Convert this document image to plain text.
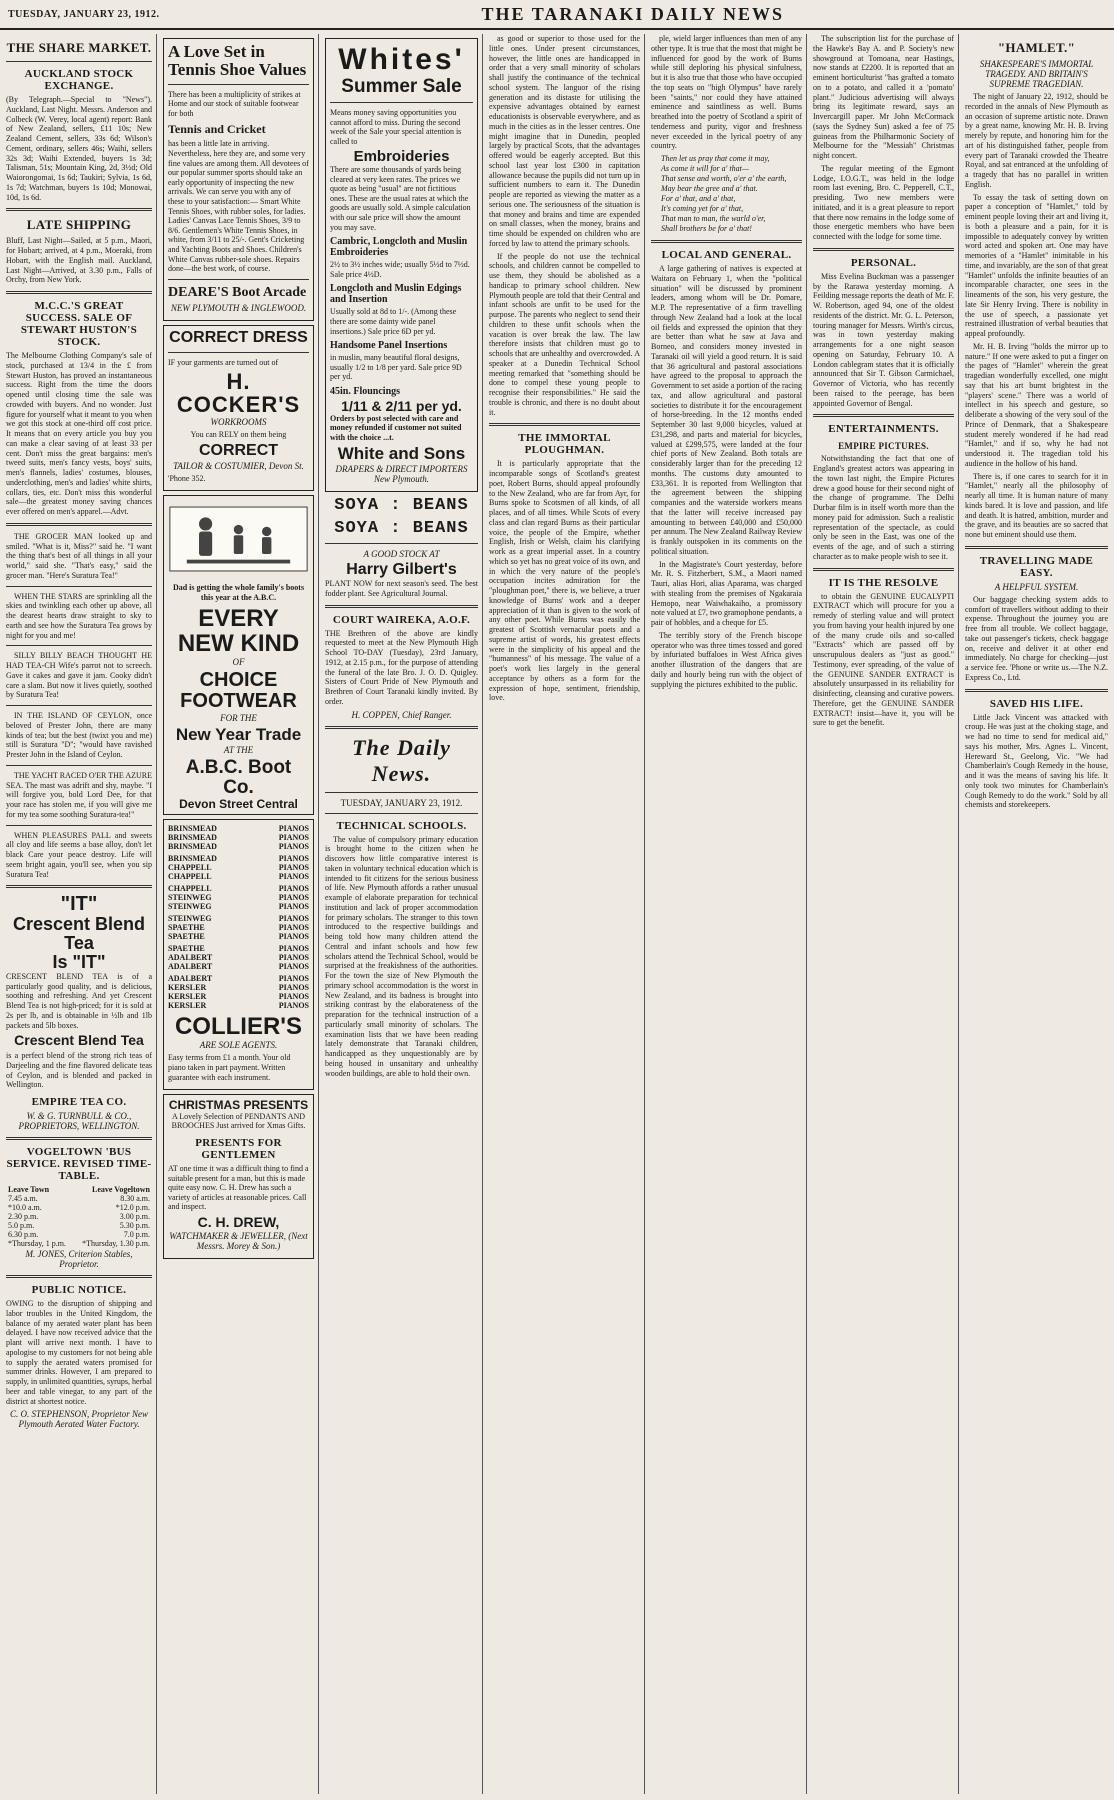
TUESDAY, JANUARY 23, 1912.	THE TARANAKI DAILY NEWS
THE SHARE MARKET.
AUCKLAND STOCK EXCHANGE.
(By Telegraph.—Special to "News"). Auckland, Last Night. Messrs. Anderson and Colbeck (W. Verey, local agent) report: Bank of New Zealand, sellers, £11 10s; New Zealand Cement, sellers, 33s 6d; Wilson's Cement, ordinary, sellers 46s; Waihi, sellers 32s 3d; Waihi Extended, buyers 1s 3d; Talisman, 51s; Mountain King, 2d, 3½d; Old Waiorongomai, 1s 6d; Taukiri; Sylvia, 1s 6d, 1s 7d; Watchman, buyers 1s 10d; Monowai, 10d, 1s 6d.
LATE SHIPPING
Bluff, Last Night—Sailed, at 5 p.m., Maori, for Hobart; arrived, at 4 p.m., Moeraki, from Hobart, with the English mail. Auckland, Last Night—Arrived, at 3.30 p.m., Falls of Orchy, from New York.
M.C.C.'S GREAT SUCCESS. SALE OF STEWART HUSTON'S STOCK.
The Melbourne Clothing Company's sale of stock, purchased at 13/4 in the £ from Stewart Huston, has proved an instantaneous success. Right from the time the doors opened until closing time the sale was crowded with buyers. And no wonder. Just figure for yourself what it meant to you when we got this stock at one-third off cost price. It means that on every article you buy you can make a clear saving of at least 33 per cent. Don't miss the great bargains: men's tweed suits, men's fancy vests, boys' suits, men's flannels, ladies' costumes, blouses, underclothing, men's and ladies' white shirts, collars, ties, etc. Don't miss this wonderful sale—the greatest money saving chances ever offered on men's apparel.—Advt.
THE GROCER MAN looked up and smiled. "What is it, Miss?" said he. "I want the thing that's best of all things in all your world," said she. "That's easy," said the grocer man. "Here's Suratura Tea!"
WHEN THE STARS are sprinkling all the skies and twinkling each other up above, all the dearest hearts draw straight to sky to earth and see how the Suratura Tea grows by night for you and me!
SILLY BILLY BEACH THOUGHT HE HAD TEA-CH Wife's parrot not to screech. Gave it cakes and gave it jam. Cooky didn't care a slam. But now it lives quietly, soothed by Suratura Tea!
IN THE ISLAND OF CEYLON, once beloved of Prester John, there are many kinds of tea; but the best (twixt you and me) still is Suratura "D"; "would have ravished Prester John in the Island of Ceylon.
THE YACHT RACED O'ER THE AZURE SEA. The mast was adrift and shy, maybe. "I will forgive you, bold Lord Dee, for that your race has stolen me, if you will give me for my tea some soothing Suratura-tea!"
WHEN PLEASURES PALL and sweets all cloy and life seems a base alloy, don't let black Care your peace destroy. Life will seem bright again, you'll see, when you sip Suratura Tea!
"IT"
Crescent Blend Tea
Is "IT"
CRESCENT BLEND TEA is of a particularly good quality, and is delicious, soothing and refreshing. And yet Crescent Blend Tea is not high-priced; for it is sold at 2s per lb, and is obtainable in ½lb and 1lb packets and 5lb boxes.
Crescent Blend Tea
is a perfect blend of the strong rich teas of Darjeeling and the fine flavored delicate teas of Ceylon, and is blended and packed in Wellington.
EMPIRE TEA CO.
W. & G. TURNBULL & CO., PROPRIETORS, WELLINGTON.
VOGELTOWN 'BUS SERVICE. REVISED TIME-TABLE.
Leave Town	Leave Vogeltown
7.45 a.m.	8.30 a.m.
*10.0 a.m.	*12.0 p.m.
2.30 p.m.	3.00 p.m.
5.0 p.m.	5.30 p.m.
6.30 p.m.	7.0 p.m.
*Thursday, 1 p.m.	*Thursday, 1.30 p.m.
M. JONES, Criterion Stables, Proprietor.
PUBLIC NOTICE.
OWING to the disruption of shipping and labor troubles in the United Kingdom, the balance of my aerated water plant has been delayed. I have now received advice that the plant will arrive next month. I have to apologise to my customers for not being able to supply the aerated waters promised for summer drinks. However, I am prepared to supply, in unlimited quantities, syrups, herbal beer and table vinegar, to any part of the district at shortest notice.
C. O. STEPHENSON, Proprietor New Plymouth Aerated Water Factory.
A Love Set in Tennis Shoe Values
There has been a multiplicity of strikes at Home and our stock of suitable footwear for both
Tennis and Cricket
has been a little late in arriving. Nevertheless, here they are, and some very fine values are among them. All devotees of our popular summer sports should take an early opportunity of inspecting the new arrivals. We can serve you with any of these to your satisfaction:— Smart White Tennis Shoes, with rubber soles, for ladies. Ladies' Canvas Lace Tennis Shoes, 3/9 to 8/6. Gentlemen's White Tennis Shoes, in white, from 3/11 to 25/-. Gent's Cricketing and Yachting Boots and Shoes. Children's White Canvas rubber-sole shoes. Repairs done—the best work, of course.
DEARE'S Boot Arcade
NEW PLYMOUTH & INGLEWOOD.
CORRECT DRESS
IF your garments are turned out of
H. COCKER'S
WORKROOMS
You can RELY on them being
CORRECT
TAILOR & COSTUMIER, Devon St.
'Phone 352.
Dad is getting the whole family's boots this year at the A.B.C.
EVERY NEW KIND
OF
CHOICE FOOTWEAR
FOR THE
New Year Trade
AT THE
A.B.C. Boot Co.
Devon Street Central
BRINSMEAD	PIANOS
BRINSMEAD	PIANOS
BRINSMEAD	PIANOS
BRINSMEAD	PIANOS
CHAPPELL	PIANOS
CHAPPELL	PIANOS
CHAPPELL	PIANOS
STEINWEG	PIANOS
STEINWEG	PIANOS
STEINWEG	PIANOS
SPAETHE	PIANOS
SPAETHE	PIANOS
SPAETHE	PIANOS
ADALBERT	PIANOS
ADALBERT	PIANOS
ADALBERT	PIANOS
KERSLER	PIANOS
KERSLER	PIANOS
KERSLER	PIANOS
COLLIER'S
ARE SOLE AGENTS.
Easy terms from £1 a month. Your old piano taken in part payment. Written guarantee with each instrument.
CHRISTMAS PRESENTS
A Lovely Selection of PENDANTS AND BROOCHES Just arrived for Xmas Gifts.
PRESENTS FOR GENTLEMEN
AT one time it was a difficult thing to find a suitable present for a man, but this is made quite easy now. C. H. Drew has such a variety of articles at reasonable prices. Call and inspect.
C. H. DREW,
WATCHMAKER & JEWELLER, (Next Messrs. Morey & Son.)
Whites'
Summer Sale
Means money saving opportunities you cannot afford to miss. During the second week of the Sale your special attention is called to
Embroideries
There are some thousands of yards being cleared at very keen rates. The prices we quote as being "usual" are not fictitious ones. These are the usual rates at which the goods are usually sold. A simple calculation with our sale price will show the amount you may save.
Cambric, Longcloth and Muslin Embroideries
2½ to 3½ inches wide; usually 5½d to 7½d. Sale price 4½D.
Longcloth and Muslin Edgings and Insertion
Usually sold at 8d to 1/-. (Among these there are some dainty wide panel insertions.) Sale price 6D per yd.
Handsome Panel Insertions
in muslin, many beautiful floral designs, usually 1/2 to 1/8 per yard. Sale price 9D per yd.
45in. Flouncings
1/11 & 2/11 per yd.
Orders by post selected with care and money refunded if customer not suited with the choice ...t.
White and Sons
DRAPERS & DIRECT IMPORTERS New Plymouth.
SOYA : BEANS
SOYA : BEANS
A GOOD STOCK AT
Harry Gilbert's
PLANT NOW for next season's seed. The best fodder plant. See Agricultural Journal.
COURT WAIREKA, A.O.F.
THE Brethren of the above are kindly requested to meet at the New Plymouth High School TO-DAY (Tuesday), 23rd January, 1912, at 2.15 p.m., for the purpose of attending the funeral of the late Bro. J. O. D. Quigley. Sisters of Court Pride of New Plymouth and Brethren of Court Taranaki kindly invited. By order.
H. COPPEN, Chief Ranger.
The Daily News.
TUESDAY, JANUARY 23, 1912.
TECHNICAL SCHOOLS.
The value of compulsory primary education is brought home to the citizen when he discovers how little comparative interest is taken in voluntary technical education which is intended to fit citizens for the serious business of life. New Plymouth affords a rather unusual example of elaborate preparation for technical institution and lack of proper accommodation for primary scholars. The stranger to this town introduced to the respective buildings and being told how many children attend the Central and infant schools and how few scholars attend the Technical School, would be surprised at the freakishness of the authorities. For the town the size of New Plymouth the primary school accommodation is the worst in New Zealand, and its badness is brought into striking contrast by the elaborateness of the preparation for the technical instruction of a particularly small minority of scholars. The examination lists that we have been reading lately demonstrate that Taranaki children, handicapped as they unquestionably are by being housed in unsanitary and unhealthy wooden buildings, are able to hold their own.
as good or superior to those used for the little ones. Under present circumstances, however, the little ones are handicapped in order that a very small minority of scholars shall justify the continuance of the technical school system. The languor of the rising generation and its distaste for utilising the expensive advantages obtained by earnest educationists is observable everywhere, and as much in the cities as in the lesser centres. One might imagine that in Dunedin, peopled largely by practical Scots, that the advantages offered would be eagerly accepted. But this school last year lost £300 in capitation allowance because the pupils did not turn up in sufficient numbers to earn it. The Dunedin people are reported as viewing the matter as a serious one. The seriousness of the situation is that money and brains and time are expended on small classes, when the money, brains and time should be expended on children who are forced by law to attend the primary schools.
If the people do not use the technical schools, and children cannot be compelled to use them, they should be abolished as a handicap to primary school children. New Plymouth people are told that their Central and infant schools are unfit to be used for the purpose. The parents who neglect to send their children to these unfit schools when the vacation is over break the law. The law therefore insists that children must go to schools that are unhealthy and overcrowded. A speaker at a Dunedin Technical School meeting remarked that "something should be done to compel these young people to recognise their responsibilities." He said the trouble is chronic, and there is no doubt about it.
THE IMMORTAL PLOUGHMAN.
It is particularly appropriate that the incomparable songs of Scotland's greatest poet, Robert Burns, should appeal profoundly to the New Zealand, who are far from Ayr, for Burns spoke to Scotsmen of all kinds, of all places, and of all times. While Scots of every class and clan regard Burns as their particular voice, the people of the Empire, whether English, Irish or Welsh, claim his clarifying work as a great imperial asset. In a country which so yet has no great voice of its own, and in which the very nature of the people's occupation incites admiration for the "ploughman poet," there is, we believe, a truer knowledge of Burns' work and a deeper appreciation of it than is given to the work of any other poet. While Burns was easily the greatest of Scottish vernacular poets and a supreme artist of words, his greatest effects were in the simplicity of his appeal and the "humanness" of his message. The value of a poet's work lies largely in the general acceptance by others as a form for the expression of hope, sentiment, friendship, love.
ple, wield larger influences than men of any other type. It is true that the most that might be influenced for good by the work of Burns while still deploring his physical sinfulness, but it is also true that those who have occupied the top seats on "high Olympus" have rarely been "saints," nor could they have attained eminence and saintliness as well. Burns breathed into the poetry of Scotland a spirit of tenderness and purity, vigor and freshness never exceeded in the lyrical poetry of any country.
Then let us pray that come it may,
As come it will for a' that—
That sense and worth, o'er a' the earth,
May bear the gree and a' that.
For a' that, and a' that,
It's coming yet for a' that,
That man to man, the warld o'er,
Shall brothers be for a' that!
LOCAL AND GENERAL.
A large gathering of natives is expected at Waitara on February 1, when the "political situation" will be discussed by prominent leaders, among whom will be Dr. Pomare, M.P. The representative of a firm travelling through New Zealand had a look at the local oil fields and expressed the opinion that they are better than what he saw at Java and Borneo, and considers money invested in Taranaki oil will yield a good return. It is said that 36 agricultural and pastoral associations have agreed to the proposal to approach the Government to set aside a portion of the racing tax, and allow agricultural and pastoral societies to distribute it for the encouragement of horse-breeding. In the 12 months ended September 30 last 9,000 bicycles, valued at £31,298, and parts and material for bicycles, valued at £299,575, were landed at the four chief ports of New Zealand. Both totals are considerably larger than for the preceding 12 months. The customs duty amounted to £33,361. It is reported from Wellington that the agreement between the shipping companies and the waterside workers means that the latter will receive increased pay amounting to between £40,000 and £50,000 per annum. The New Zealand Railway Review is frankly outspoken in its comments on the political situation.
In the Magistrate's Court yesterday, before Mr. R. S. Fitzherbert, S.M., a Maori named Tauri, alias Hori, alias Aparama, was charged with stealing from the premises of Ngakaraia Hemopo, near Waiwhakaiho, a promissory note valued at £7, two gramophone pendants, a pair of hobbles, and a cheque for £5.
The terribly story of the French biscope operator who was three times tossed and gored by infuriated buffaloes in West Africa gives another illustration of the dangers that are daily and hourly being run with the object of supplying the pictures exhibited to the public.
The subscription list for the purchase of the Hawke's Bay A. and P. Society's new showground at Tomoana, near Hastings, now stands at £2200. It is reported that an eminent horticulturist "has grafted a tomato on to a potato, and called it a 'pomato' plant." Judicious advertising will always bring its legitimate reward, says an Invercargill paper. Mr John McCormack (says the Sydney Sun) asked a fee of 75 guineas from the Philharmonic Society of Melbourne for the "Messiah" Christmas night concert.
The regular meeting of the Egmont Lodge, I.O.G.T., was held in the lodge room last evening, Bro. C. Pepperell, C.T., presiding. Two new members were initiated, and it is a great pleasure to report that there now remains in the lodge some of those energetic members who have been connected with the lodge for some time.
PERSONAL.
Miss Evelina Buckman was a passenger by the Rarawa yesterday morning. A Feilding message reports the death of Mr. F. W. Robertson, aged 94, one of the oldest residents of the district. Mr. G. L. Peterson, touring manager for Messrs. Wirth's circus, was in town yesterday making arrangements for a one night season opening on Saturday, February 10. A London cablegram states that it is officially announced that Sir T. Gibson Carmichael, Governor of Victoria, who has recently been raised to the peerage, has been appointed Governor of Bengal.
ENTERTAINMENTS.
EMPIRE PICTURES.
Notwithstanding the fact that one of England's greatest actors was appearing in the town last night, the Empire Pictures drew a good house for their second night of the change of programme. The Delhi Durbar film is in itself worth more than the money paid for admission. Such a realistic representation of the spectacle, as could only be seen in the East, was one of the events of the age, and of such a stirring character as to make people wish to see it.
IT IS THE RESOLVE
to obtain the GENUINE EUCALYPTI EXTRACT which will procure for you a remedy of sterling value and will protect you from having your health injured by one of the many crude oils and so-called "Extracts" which are passed off by unscrupulous dealers as "just as good." Testimony, ever spreading, of the value of the GENUINE SANDER EXTRACT is absolutely unsurpassed in its reliability for disinfecting, cleansing and curative powers. Therefore, get the GENUINE SANDER EXTRACT! insist—have it, you will be sure to get the benefit.
"HAMLET."
SHAKESPEARE'S IMMORTAL TRAGEDY. AND BRITAIN'S SUPREME TRAGEDIAN.
The night of January 22, 1912, should be recorded in the annals of New Plymouth as an occasion of supreme artistic note. Drawn by a great name, knowing Mr. H. B. Irving merely by repute, and honoring him for the art of his distinguished father, people from every part of Taranaki crowded the Theatre Royal, and sat entranced at the unfolding of a tragedy that has no parallel in written English.
To essay the task of setting down on paper a conception of "Hamlet," told by eminent people loving their art and living it, is both a pleasure and a pain, for it is impossible to adequately convey by written word acted and spoken art. One may have memories of a "Hamlet" inimitable in his time, and invariably, are the son of that great "Hamlet" unfolds the infinite beauties of an incomparable character, one sees in the lineaments of the son, his very gesture, the late Sir Henry Irving. There is nobility in the use of speech, a passionate yet restrained illustration of verbal beauties that appeal profoundly.
Mr. H. B. Irving "holds the mirror up to nature." If one were asked to put a finger on the pages of "Hamlet" wherein the great tragedian wonderfully excelled, one might say that his art burnt brightest in the "players' scene." There was a world of intellect in his speech and gesture, so deliberate a showing of the very soul of the Prince of Denmark, that a Shakespeare student merely wondered if he had read "Hamlet," and if so, why he had not understood it. The tragedian told his audience in the hollow of his hand.
There is, if one cares to search for it in "Hamlet," nearly all the philosophy of nearly all time. It is human nature of many kinds bared. It is love and passion, and life and death. It is hatred, ambition, murder and the grave, and its beauties are so sacred that none but eminent should use them.
TRAVELLING MADE EASY.
A HELPFUL SYSTEM.
Our baggage checking system adds to comfort of travellers without adding to their expense. Throughout the journey you are free from all trouble. We collect baggage, take out passenger's tickets, check baggage on, receive and deliver it at other end immediately. No charge for checking—just a service fee. 'Phone or write us.—The N.Z. Express Co., Ltd.
SAVED HIS LIFE.
Little Jack Vincent was attacked with croup. He was just at the choking stage, and we had no time to send for medical aid," says his mother, Mrs. Agnes L. Vincent, Hereward St., Geelong, Vic. "We had Chamberlain's Cough Remedy in the house, and it was the means of saving his life. It only took two minutes for Chamberlain's Cough Remedy to do the work." Sold by all chemists and storekeepers.
